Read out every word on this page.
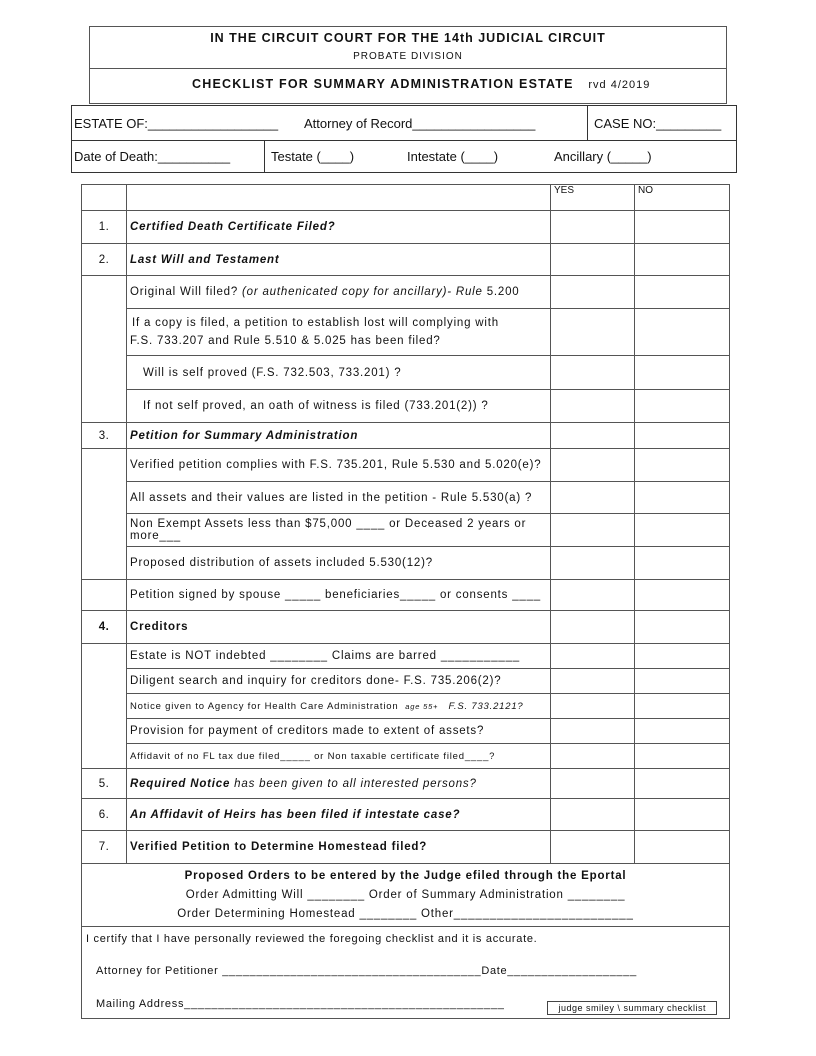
IN THE CIRCUIT COURT FOR THE 14th JUDICIAL CIRCUIT
PROBATE DIVISION
CHECKLIST FOR SUMMARY ADMINISTRATION ESTATE rvd 4/2019
ESTATE OF:__________________ Attorney of Record_________________	CASE NO:_________
Date of Death:__________	Testate (____)	Intestate (____)	Ancillary (_____)
		YES	NO
1.	Certified Death Certificate Filed?		
2.	Last Will and Testament		
	Original Will filed? (or authenicated copy for ancillary)- Rule 5.200		

	If a copy is filed, a petition to establish lost will complying with
F.S. 733.207 and Rule 5.510 & 5.025 has been filed?		

	Will is self proved (F.S. 732.503, 733.201) ?		
	If not self proved, an oath of witness is filed (733.201(2)) ?		
3.	Petition for Summary Administration		
	Verified petition complies with F.S. 735.201, Rule 5.530 and 5.020(e)?		
	All assets and their values are listed in the petition - Rule 5.530(a) ?		
	Non Exempt Assets less than $75,000 ____ or Deceased 2 years or more___		
	Proposed distribution of assets included 5.530(12)?		
	Petition signed by spouse _____ beneficiaries_____ or consents ____		
4.	Creditors		
	Estate is NOT indebted ________ Claims are barred ___________		
	Diligent search and inquiry for creditors done- F.S. 735.206(2)?		
	Notice given to Agency for Health Care Administration age 55+ F.S. 733.2121?		
	Provision for payment of creditors made to extent of assets?		
	Affidavit of no FL tax due filed_____ or Non taxable certificate filed____?		
5.	Required Notice has been given to all interested persons?		
6.	An Affidavit of Heirs has been filed if intestate case?		
7.	Verified Petition to Determine Homestead filed?		

Proposed Orders to be entered by the Judge efiled through the Eportal
Order Admitting Will ________ Order of Summary Administration ________
Order Determining Homestead ________ Other_________________________			

I certify that I have personally reviewed the foregoing checklist and it is accurate.
Attorney for Petitioner ______________________________________Date___________________
Mailing Address_______________________________________________ judge smiley \ summary checklist			
